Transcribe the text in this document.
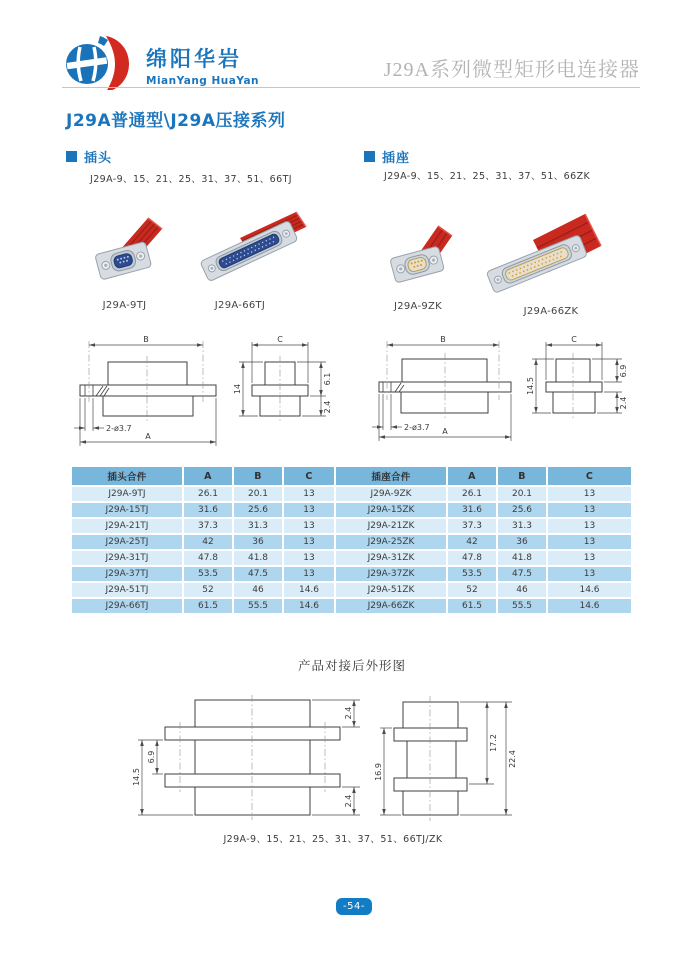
绵阳华岩
MianYang HuaYan	J29A系列微型矩形电连接器
J29A普通型\J29A压接系列
插头
J29A-9、15、21、25、31、37、51、66TJ
插座
J29A-9、15、21、25、31、37、51、66ZK
J29A-9TJ	J29A-66TJ	J29A-9ZK	J29A-66ZK
B
A
2-ø3.7
C
14
6.1
2.4
B
A
2-ø3.7
C
14.5
6.9
2.4
插头合件	A	B	C	插座合件	A	B	C
J29A-9TJ	26.1	20.1	13	J29A-9ZK	26.1	20.1	13
J29A-15TJ	31.6	25.6	13	J29A-15ZK	31.6	25.6	13
J29A-21TJ	37.3	31.3	13	J29A-21ZK	37.3	31.3	13
J29A-25TJ	42	36	13	J29A-25ZK	42	36	13
J29A-31TJ	47.8	41.8	13	J29A-31ZK	47.8	41.8	13
J29A-37TJ	53.5	47.5	13	J29A-37ZK	53.5	47.5	13
J29A-51TJ	52	46	14.6	J29A-51ZK	52	46	14.6
J29A-66TJ	61.5	55.5	14.6	J29A-66ZK	61.5	55.5	14.6
产品对接后外形图
2.4
2.4
14.5
6.9
16.9
17.2
22.4
J29A-9、15、21、25、31、37、51、66TJ/ZK
-54-
